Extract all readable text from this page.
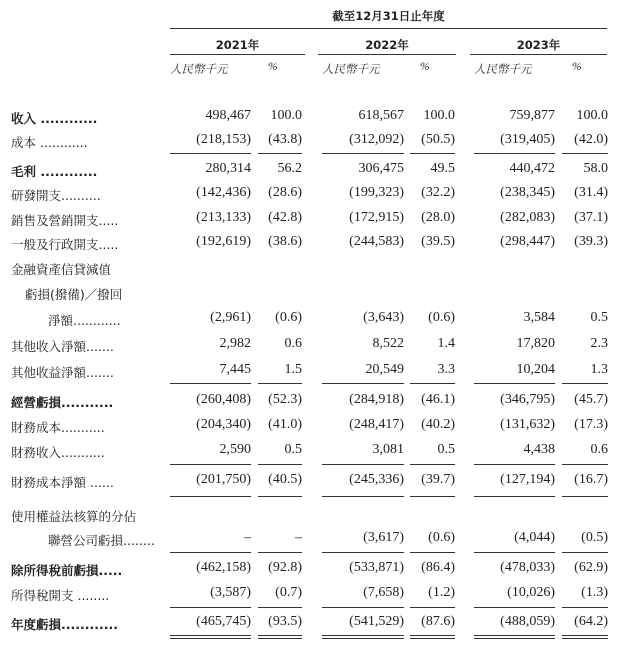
截至12月31日止年度
2021年	2022年	2023年
人民幣千元	%	人民幣千元	%	人民幣千元	%
收入 ............	498,467 100.0	618,567 100.0	759,877 100.0
成本 ............	(218,153) (43.8)	(312,092) (50.5)	(319,405) (42.0)
毛利 ............	280,314 56.2	306,475 49.5	440,472 58.0
研發開支..........	(142,436) (28.6)	(199,323) (32.2)	(238,345) (31.4)
銷售及營銷開支.....	(213,133) (42.8)	(172,915) (28.0)	(282,083) (37.1)
一般及行政開支.....	(192,619) (38.6)	(244,583) (39.5)	(298,447) (39.3)
金融資產信貸減值
虧損(撥備)／撥回
淨額............	(2,961) (0.6)	(3,643) (0.6)	3,584	0.5
其他收入淨額.......	2,982 0.6	8,522 1.4	17,820	2.3
其他收益淨額.......	7,445 1.5	20,549 3.3	10,204	1.3
經營虧損...........	(260,408) (52.3)	(284,918) (46.1)	(346,795) (45.7)
財務成本...........	(204,340) (41.0)	(248,417) (40.2)	(131,632) (17.3)
財務收入...........	2,590 0.5	3,081 0.5	4,438	0.6
財務成本淨額 ......	(201,750) (40.5)	(245,336) (39.7)	(127,194) (16.7)
使用權益法核算的分佔
聯營公司虧損........	–	–	(3,617) (0.6)	(4,044) (0.5)
除所得稅前虧損.....	(462,158) (92.8)	(533,871) (86.4)	(478,033) (62.9)
所得稅開支 ........	(3,587) (0.7)	(7,658) (1.2)	(10,026) (1.3)
年度虧損............	(465,745) (93.5)	(541,529) (87.6)	(488,059) (64.2)
